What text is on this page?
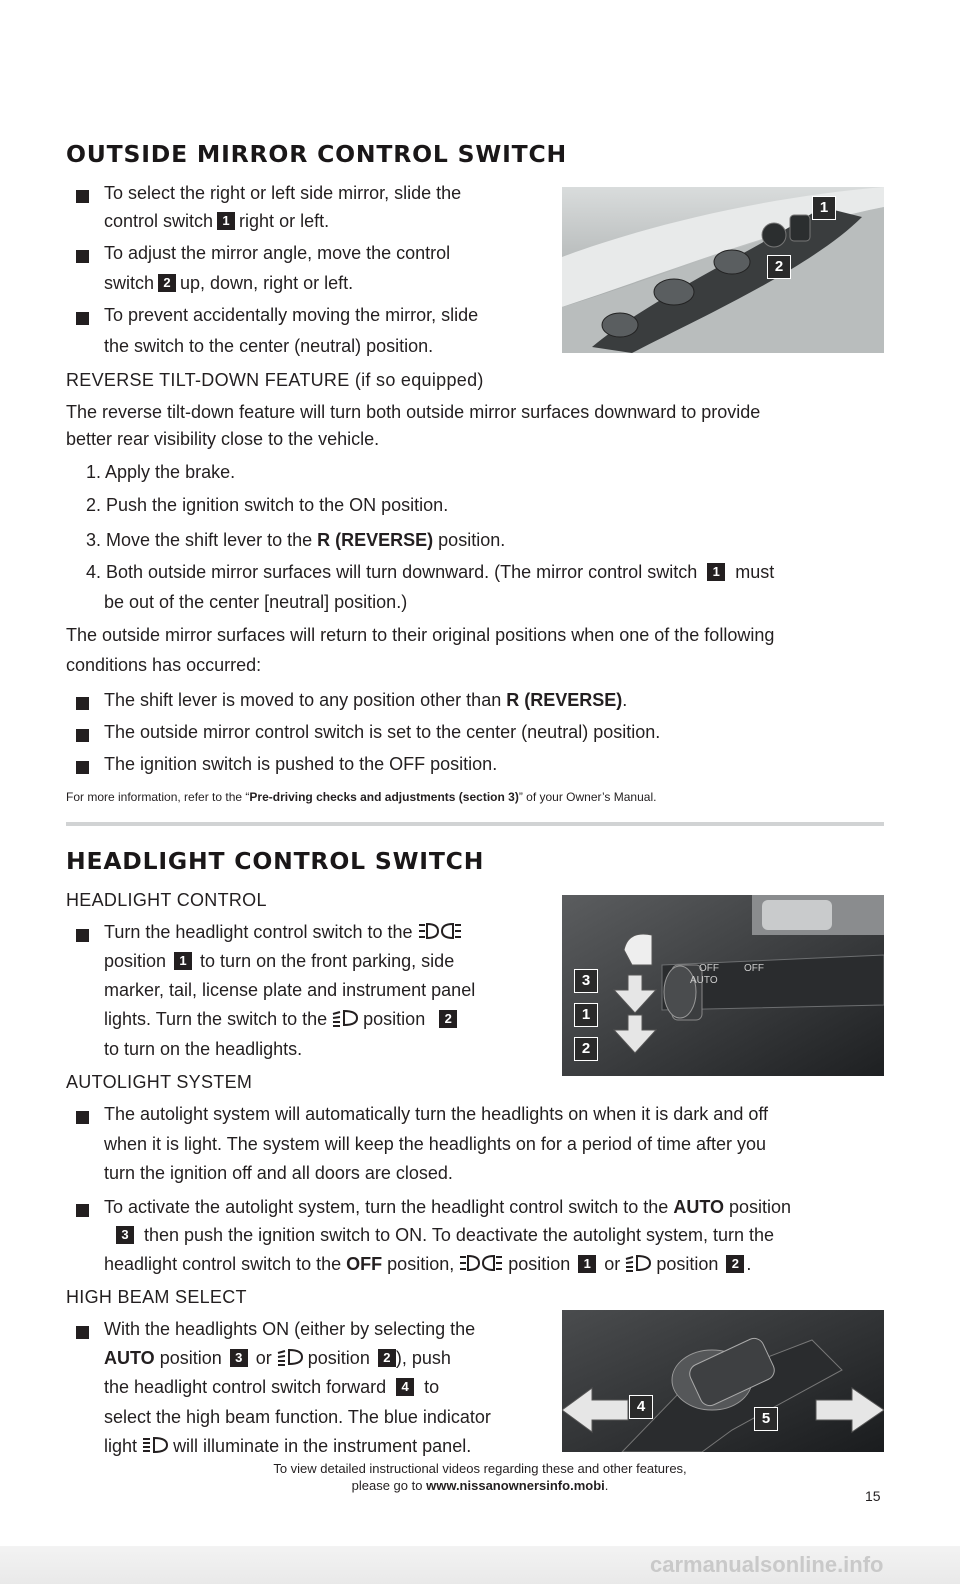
OUTSIDE MIRROR CONTROL SWITCH
To select the right or left side mirror, slide the
control switch 1 right or left.
To adjust the mirror angle, move the control
switch 2 up, down, right or left.
To prevent accidentally moving the mirror, slide
the switch to the center (neutral) position.
1
2
REVERSE TILT-DOWN FEATURE (if so equipped)
The reverse tilt-down feature will turn both outside mirror surfaces downward to provide
better rear visibility close to the vehicle.
1. Apply the brake.
2. Push the ignition switch to the ON position.
3. Move the shift lever to the R (REVERSE) position.
4. Both outside mirror surfaces will turn downward. (The mirror control switch 1 must
be out of the center [neutral] position.)
The outside mirror surfaces will return to their original positions when one of the following
conditions has occurred:
The shift lever is moved to any position other than R (REVERSE).
The outside mirror control switch is set to the center (neutral) position.
The ignition switch is pushed to the OFF position.
For more information, refer to the “Pre-driving checks and adjustments (section 3)” of your Owner’s Manual.
HEADLIGHT CONTROL SWITCH
HEADLIGHT CONTROL
Turn the headlight control switch to the
position 1 to turn on the front parking, side
marker, tail, license plate and instrument panel
lights. Turn the switch to the position 2
to turn on the headlights.
OFF	OFF
AUTO
3
1
2
AUTOLIGHT SYSTEM
The autolight system will automatically turn the headlights on when it is dark and off
when it is light. The system will keep the headlights on for a period of time after you
turn the ignition off and all doors are closed.
To activate the autolight system, turn the headlight control switch to the AUTO position
3 then push the ignition switch to ON. To deactivate the autolight system, turn the
headlight control switch to the OFF position,	position 1 or position 2 .
HIGH BEAM SELECT
With the headlights ON (either by selecting the
AUTO position 3 or position 2 ), push
the headlight control switch forward 4 to
select the high beam function. The blue indicator
light will illuminate in the instrument panel.
4
5
To view detailed instructional videos regarding these and other features,
please go to www.nissanownersinfo.mobi.
15
carmanualsonline.info
